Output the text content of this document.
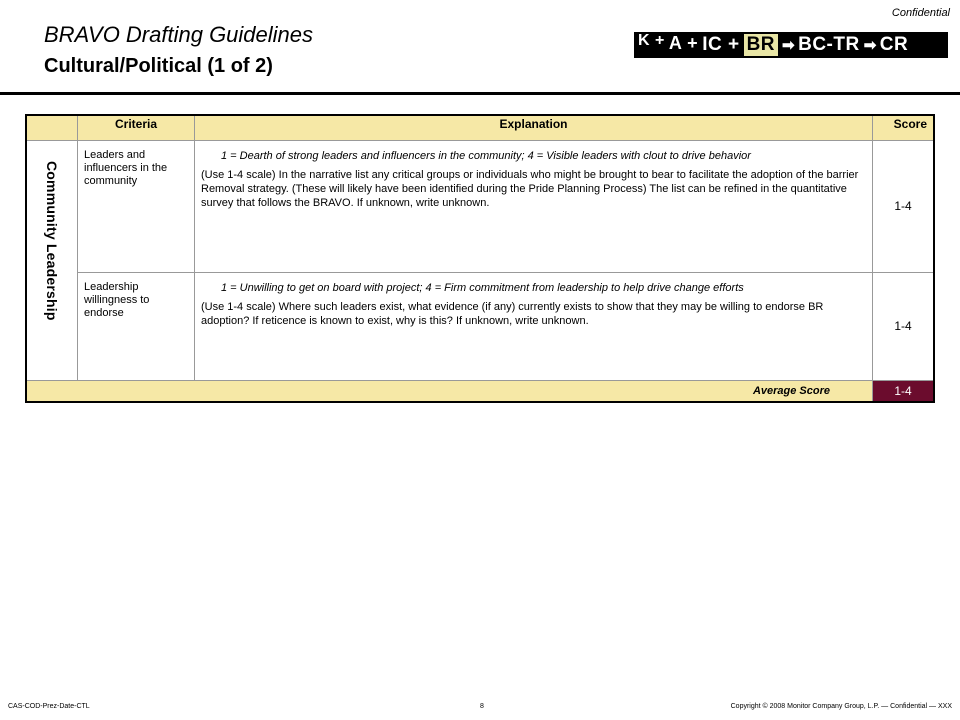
Confidential
BRAVO Drafting Guidelines
Cultural/Political (1 of 2)
K + A + IC + BR ➡ BC - TR ➡ CR
	Criteria	Explanation	Score

Community Leadership	Leaders and influencers in the community	1 = Dearth of strong leaders and influencers in the community; 4 = Visible leaders with clout to drive behavior
(Use 1-4 scale) In the narrative list any critical groups or individuals who might be brought to bear to facilitate the adoption of the barrier Removal strategy. (These will likely have been identified during the Pride Planning Process) The list can be refined in the quantitative survey that follows the BRAVO. If unknown, write unknown.	1-4
	Leadership willingness to endorse	1 = Unwilling to get on board with project; 4 = Firm commitment from leadership to help drive change efforts
(Use 1-4 scale) Where such leaders exist, what evidence (if any) currently exists to show that they may be willing to endorse BR adoption? If reticence is known to exist, why is this? If unknown, write unknown.	1-4
Average Score			1-4
CAS-COD-Prez-Date-CTL	8	Copyright © 2008 Monitor Company Group, L.P. — Confidential — XXX
